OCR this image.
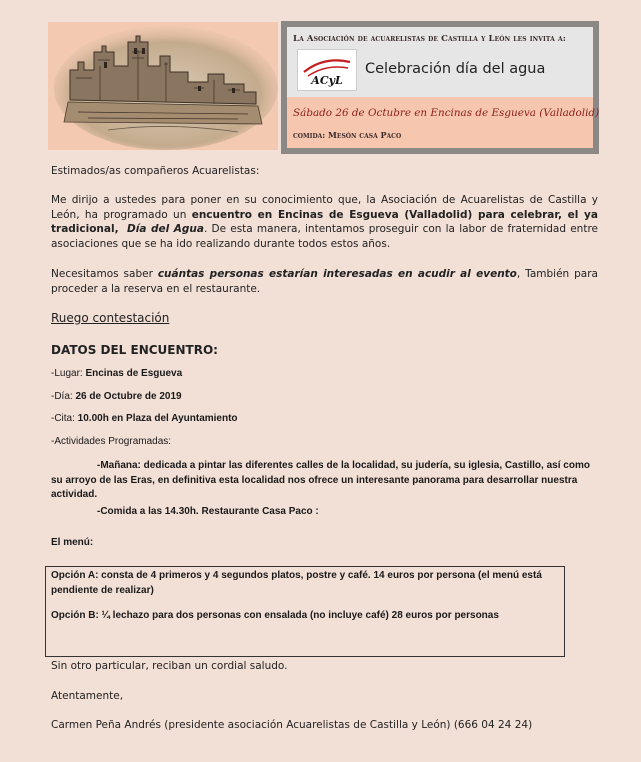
La Asociación de acuarelistas de Castilla y León les invita a:
ACyL
Celebración día del agua
Sábado 26 de Octubre en Encinas de Esgueva (Valladolid)
comida: Mesón casa Paco
Estimados/as compañeros Acuarelistas:
Me dirijo a ustedes para poner en su conocimiento que, la Asociación de Acuarelistas de Castilla y León, ha programado un encuentro en Encinas de Esgueva (Valladolid) para celebrar, el ya tradicional, Día del Agua. De esta manera, intentamos proseguir con la labor de fraternidad entre asociaciones que se ha ido realizando durante todos estos años.
Necesitamos saber cuántas personas estarían interesadas en acudir al evento, También para proceder a la reserva en el restaurante.
Ruego contestación
DATOS DEL ENCUENTRO:
-Lugar: Encinas de Esgueva
-Día: 26 de Octubre de 2019
-Cita: 10.00h en Plaza del Ayuntamiento
-Actividades Programadas:
-Mañana: dedicada a pintar las diferentes calles de la localidad, su judería, su iglesia, Castillo, así como su arroyo de las Eras, en definitiva esta localidad nos ofrece un interesante panorama para desarrollar nuestra actividad.
-Comida a las 14.30h. Restaurante Casa Paco :
El menú:
Opción A: consta de 4 primeros y 4 segundos platos, postre y café. 14 euros por persona (el menú está pendiente de realizar)
Opción B: ¼ lechazo para dos personas con ensalada (no incluye café) 28 euros por personas
Sin otro particular, reciban un cordial saludo.
Atentamente,
Carmen Peña Andrés (presidente asociación Acuarelistas de Castilla y León) (666 04 24 24)
